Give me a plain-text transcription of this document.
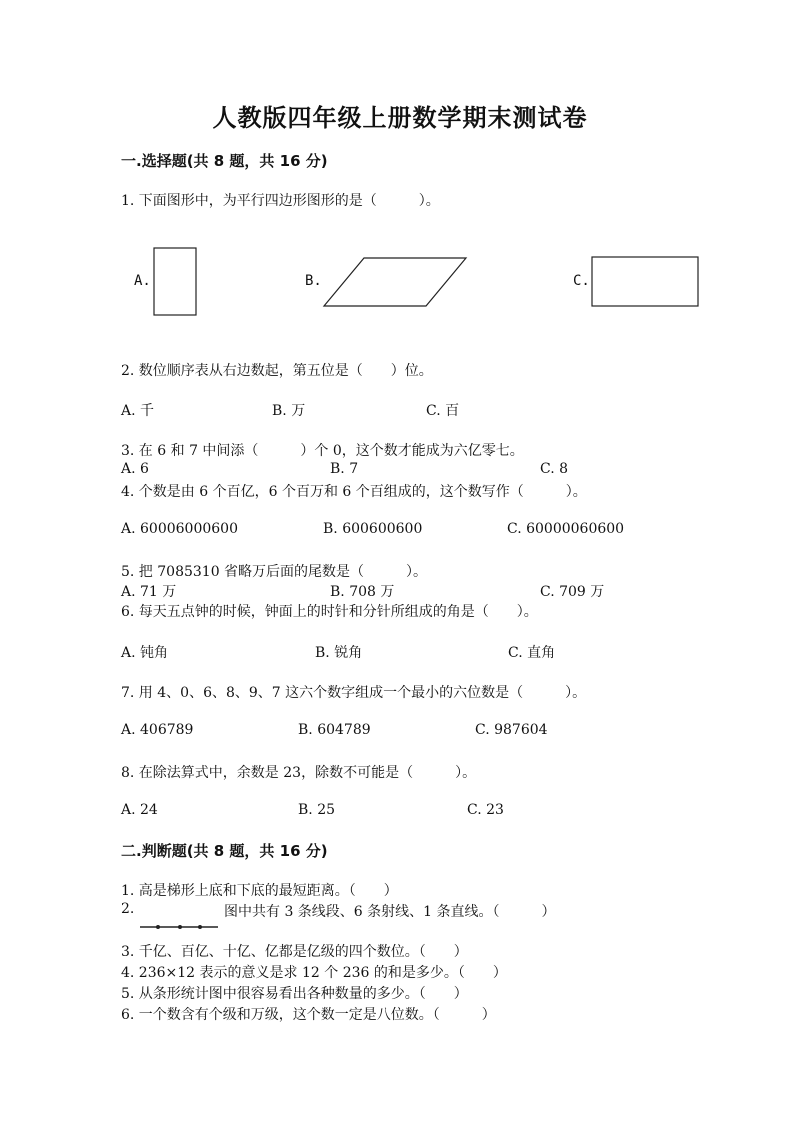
人教版四年级上册数学期末测试卷
一.选择题(共 8 题，共 16 分)
1. 下面图形中，为平行四边形图形的是（　　　）。
A.	B.	C.
2. 数位顺序表从右边数起，第五位是（　　）位。
A. 千	B. 万	C. 百
3. 在 6 和 7 中间添（　　　）个 0，这个数才能成为六亿零七。
A. 6	B. 7	C. 8
4. 个数是由 6 个百亿，6 个百万和 6 个百组成的，这个数写作（　　　）。
A. 60006000600	B. 600600600	C. 60000060600
5. 把 7085310 省略万后面的尾数是（　　　）。
A. 71 万	B. 708 万	C. 709 万
6. 每天五点钟的时候，钟面上的时针和分针所组成的角是（　　）。
A. 钝角	B. 锐角	C. 直角
7. 用 4、0、6、8、9、7 这六个数字组成一个最小的六位数是（　　　）。
A. 406789	B. 604789	C. 987604
8. 在除法算式中，余数是 23，除数不可能是（　　　）。
A. 24	B. 25	C. 23
二.判断题(共 8 题，共 16 分)
1. 高是梯形上底和下底的最短距离。（　　）
2.	图中共有 3 条线段、6 条射线、1 条直线。（　　　）
3. 千亿、百亿、十亿、亿都是亿级的四个数位。（　　）
4. 236×12 表示的意义是求 12 个 236 的和是多少。（　　）
5. 从条形统计图中很容易看出各种数量的多少。（　　）
6. 一个数含有个级和万级，这个数一定是八位数。（　　　）
